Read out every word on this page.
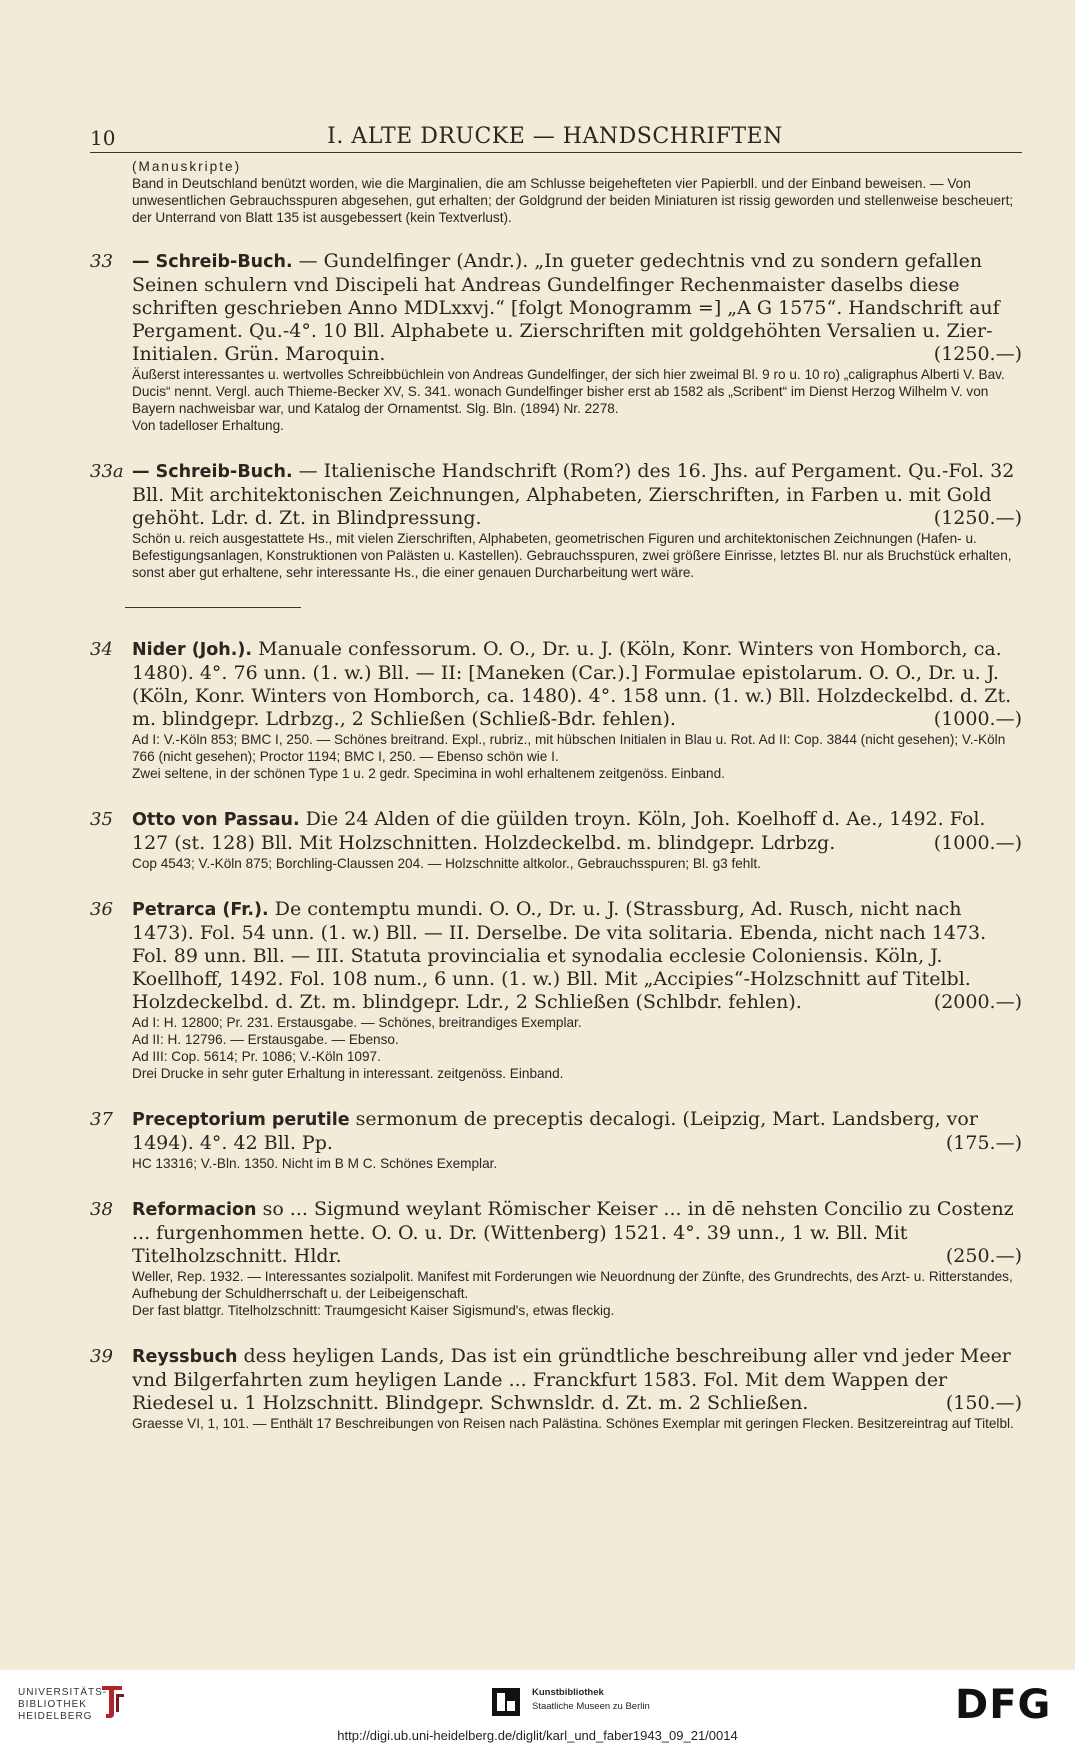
10	I. ALTE DRUCKE — HANDSCHRIFTEN

(Manuskripte)

Band in Deutschland benützt worden, wie die Marginalien, die am Schlusse beigehefteten vier Papierbll. und der Einband beweisen. — Von unwesentlichen Gebrauchsspuren abgesehen, gut erhalten; der Goldgrund der beiden Miniaturen ist rissig geworden und stellenweise bescheuert; der Unterrand von Blatt 135 ist ausgebessert (kein Textverlust).

33 — Schreib-Buch. — Gundelfinger (Andr.). „In gueter gedechtnis vnd zu sondern gefallen Seinen schulern vnd Discipeli hat Andreas Gundelfinger Rechenmaister daselbs diese schriften geschrieben Anno MDLxxvj.“ [folgt Monogramm =] „A G 1575“. Handschrift auf Pergament. Qu.-4°. 10 Bll. Alphabete u. Zierschriften mit goldgehöhten Versalien u. Zier-Initialen. Grün. Maroquin.	(1250.—)

Äußerst interessantes u. wertvolles Schreibbüchlein von Andreas Gundelfinger, der sich hier zweimal Bl. 9 ro u. 10 ro) „caligraphus Alberti V. Bav. Ducis“ nennt. Vergl. auch Thieme-Becker XV, S. 341. wonach Gundelfinger bisher erst ab 1582 als „Scribent“ im Dienst Herzog Wilhelm V. von Bayern nachweisbar war, und Katalog der Ornamentst. Slg. Bln. (1894) Nr. 2278.

Von tadelloser Erhaltung.

33a — Schreib-Buch. — Italienische Handschrift (Rom?) des 16. Jhs. auf Pergament. Qu.-Fol. 32 Bll. Mit architektonischen Zeichnungen, Alphabeten, Zierschriften, in Farben u. mit Gold gehöht. Ldr. d. Zt. in Blindpressung.	(1250.—)

Schön u. reich ausgestattete Hs., mit vielen Zierschriften, Alphabeten, geometrischen Figuren und architektonischen Zeichnungen (Hafen- u. Befestigungsanlagen, Konstruktionen von Palästen u. Kastellen). Gebrauchsspuren, zwei größere Einrisse, letztes Bl. nur als Bruchstück erhalten, sonst aber gut erhaltene, sehr interessante Hs., die einer genauen Durcharbeitung wert wäre.

34 Nider (Joh.). Manuale confessorum. O. O., Dr. u. J. (Köln, Konr. Winters von Homborch, ca. 1480). 4°. 76 unn. (1. w.) Bll. — II: [Maneken (Car.).] Formulae epistolarum. O. O., Dr. u. J. (Köln, Konr. Winters von Homborch, ca. 1480). 4°. 158 unn. (1. w.) Bll. Holzdeckelbd. d. Zt. m. blindgepr. Ldrbzg., 2 Schließen (Schließ-Bdr. fehlen).	(1000.—)

Ad I: V.-Köln 853; BMC I, 250. — Schönes breitrand. Expl., rubriz., mit hübschen Initialen in Blau u. Rot. Ad II: Cop. 3844 (nicht gesehen); V.-Köln 766 (nicht gesehen); Proctor 1194; BMC I, 250. — Ebenso schön wie I.

Zwei seltene, in der schönen Type 1 u. 2 gedr. Specimina in wohl erhaltenem zeitgenöss. Einband.

35 Otto von Passau. Die 24 Alden of die güilden troyn. Köln, Joh. Koelhoff d. Ae., 1492. Fol. 127 (st. 128) Bll. Mit Holzschnitten. Holzdeckelbd. m. blindgepr. Ldrbzg.	(1000.—)

Cop 4543; V.-Köln 875; Borchling-Claussen 204. — Holzschnitte altkolor., Gebrauchsspuren; Bl. g3 fehlt.

36 Petrarca (Fr.). De contemptu mundi. O. O., Dr. u. J. (Strassburg, Ad. Rusch, nicht nach 1473). Fol. 54 unn. (1. w.) Bll. — II. Derselbe. De vita solitaria. Ebenda, nicht nach 1473. Fol. 89 unn. Bll. — III. Statuta provincialia et synodalia ecclesie Coloniensis. Köln, J. Koellhoff, 1492. Fol. 108 num., 6 unn. (1. w.) Bll. Mit „Accipies“-Holzschnitt auf Titelbl. Holzdeckelbd. d. Zt. m. blindgepr. Ldr., 2 Schließen (Schlbdr. fehlen).	(2000.—)

Ad I: H. 12800; Pr. 231. Erstausgabe. — Schönes, breitrandiges Exemplar.

Ad II: H. 12796. — Erstausgabe. — Ebenso.

Ad III: Cop. 5614; Pr. 1086; V.-Köln 1097.

Drei Drucke in sehr guter Erhaltung in interessant. zeitgenöss. Einband.

37 Preceptorium perutile sermonum de preceptis decalogi. (Leipzig, Mart. Landsberg, vor 1494). 4°. 42 Bll. Pp.	(175.—)

HC 13316; V.-Bln. 1350. Nicht im B M C. Schönes Exemplar.

38 Reformacion so ... Sigmund weylant Römischer Keiser ... in dē nehsten Concilio zu Costenz ... furgenhommen hette. O. O. u. Dr. (Wittenberg) 1521. 4°. 39 unn., 1 w. Bll. Mit Titelholzschnitt. Hldr.	(250.—)

Weller, Rep. 1932. — Interessantes sozialpolit. Manifest mit Forderungen wie Neuordnung der Zünfte, des Grundrechts, des Arzt- u. Ritterstandes, Aufhebung der Schuldherrschaft u. der Leibeigenschaft.

Der fast blattgr. Titelholzschnitt: Traumgesicht Kaiser Sigismund's, etwas fleckig.

39 Reyssbuch dess heyligen Lands, Das ist ein gründtliche beschreibung aller vnd jeder Meer vnd Bilgerfahrten zum heyligen Lande ... Franckfurt 1583. Fol. Mit dem Wappen der Riedesel u. 1 Holzschnitt. Blindgepr. Schwnsldr. d. Zt. m. 2 Schließen.	(150.—)

Graesse VI, 1, 101. — Enthält 17 Beschreibungen von Reisen nach Palästina. Schönes Exemplar mit geringen Flecken. Besitzereintrag auf Titelbl.

UNIVERSITÄTS-
BIBLIOTHEK
HEIDELBERG
Kunstbibliothek
Staatliche Museen zu Berlin	DFG
http://digi.ub.uni-heidelberg.de/diglit/karl_und_faber1943_09_21/0014
